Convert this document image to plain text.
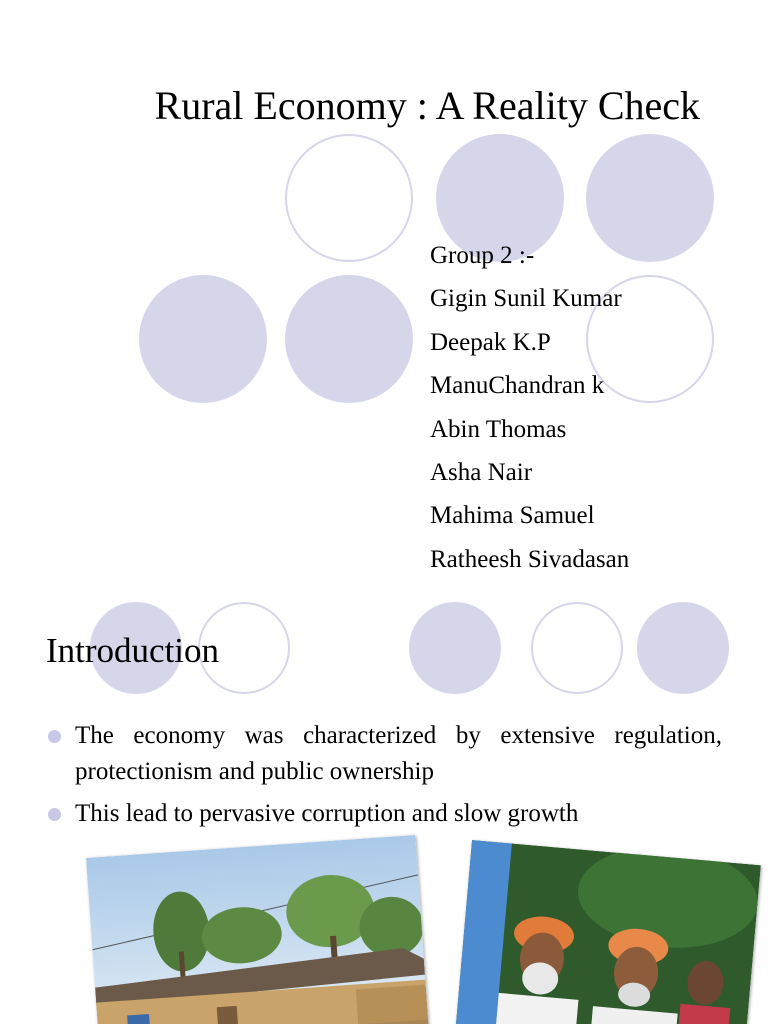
Rural Economy : A Reality Check
Group 2 :-
Gigin Sunil Kumar
Deepak K.P
ManuChandran k
Abin Thomas
Asha Nair
Mahima Samuel
Ratheesh Sivadasan
Introduction
The economy was characterized by extensive regulation, protectionism and public ownership
This lead to pervasive corruption and slow growth
